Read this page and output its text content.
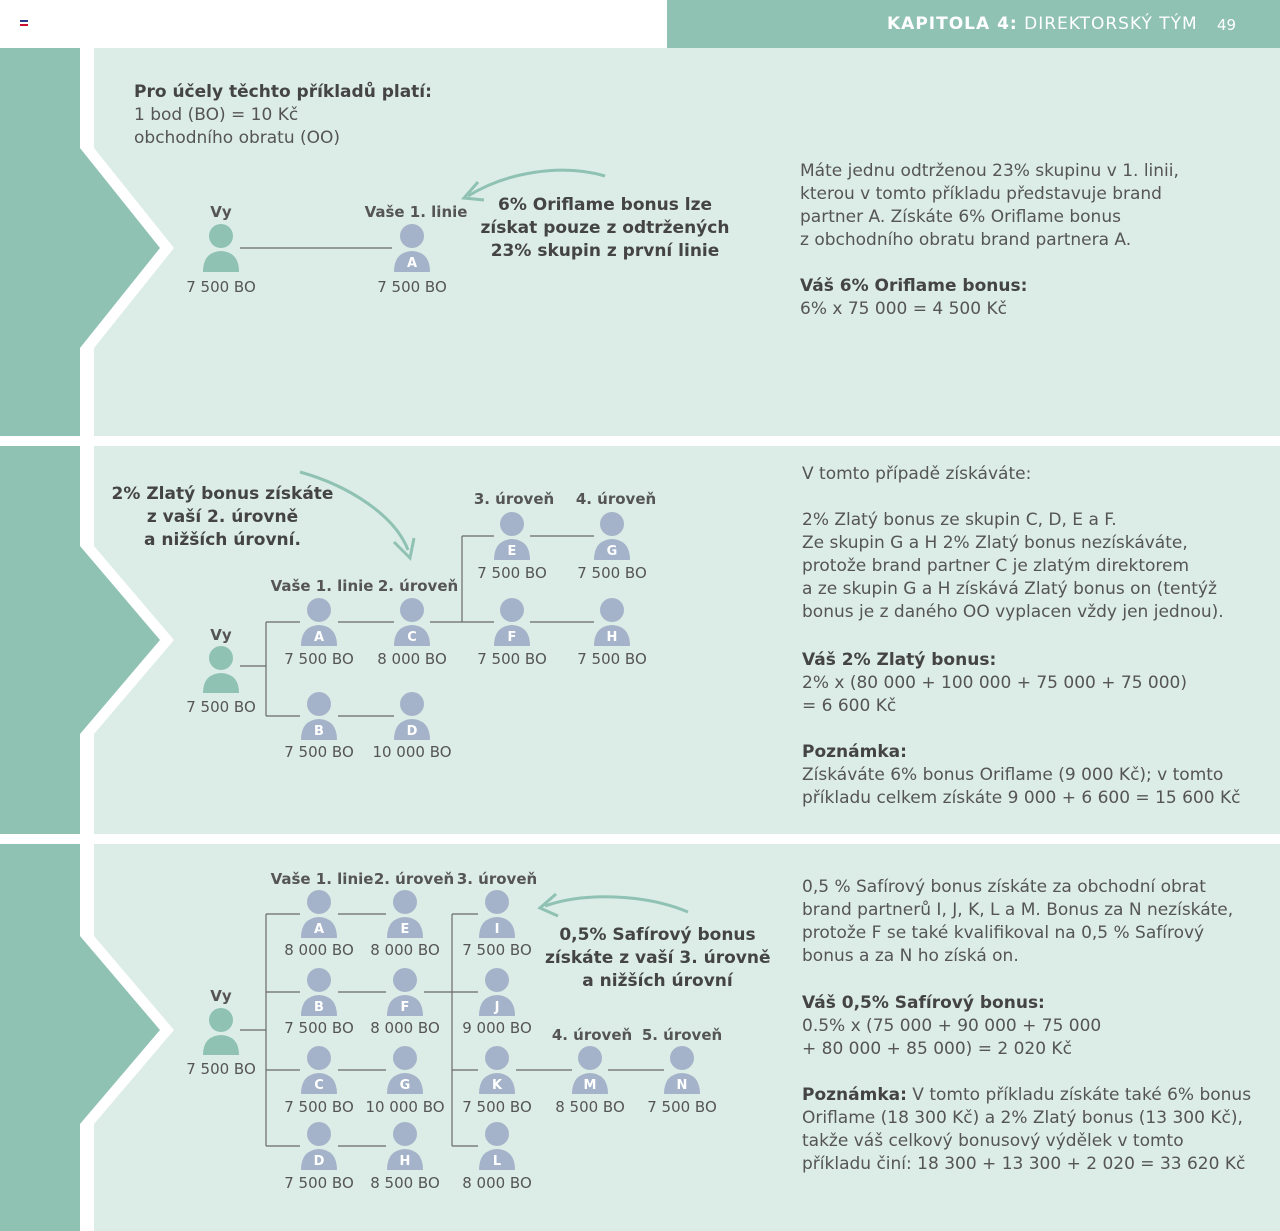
KAPITOLA 4: DIREKTORSKÝ TÝM 49
A
Pro účely těchto příkladů platí:
1 bod (BO) = 10 Kč
obchodního obratu (OO)
Vy
7 500 BO
Vaše 1. linie
7 500 BO
6% Oriflame bonus lze
získat pouze z odtržených
23% skupin z první linie
Máte jednu odtrženou 23% skupinu v 1. linii,
kterou v tomto příkladu představuje brand
partner A. Získáte 6% Oriflame bonus
z obchodního obratu brand partnera A.
Váš 6% Oriflame bonus:
6% x 75 000 = 4 500 Kč
A
B
C
D
E
F
G
H
2% Zlatý bonus získáte
z vaší 2. úrovně
a nižších úrovní.
Vy
7 500 BO
Vaše 1. linie 2. úroveň
3. úroveň 4. úroveň
7 500 BO 8 000 BO 7 500 BO 7 500 BO
7 500 BO 7 500 BO
7 500 BO 10 000 BO
V tomto případě získáváte:
2% Zlatý bonus ze skupin C, D, E a F.
Ze skupin G a H 2% Zlatý bonus nezískáváte,
protože brand partner C je zlatým direktorem
a ze skupin G a H získává Zlatý bonus on (tentýž
bonus je z daného OO vyplacen vždy jen jednou).
Váš 2% Zlatý bonus:
2% x (80 000 + 100 000 + 75 000 + 75 000)
= 6 600 Kč
Poznámka:
Získáváte 6% bonus Oriflame (9 000 Kč); v tomto
příkladu celkem získáte 9 000 + 6 600 = 15 600 Kč
A
B
C
D
E
F
G
H
I
J
K
L
M	N
Vaše 1. linie 2. úroveň 3. úroveň
4. úroveň 5. úroveň
Vy
7 500 BO
8 000 BO
7 500 BO
7 500 BO
7 500 BO
8 000 BO
8 000 BO
10 000 BO
8 500 BO
7 500 BO
9 000 BO
7 500 BO
8 000 BO
8 500 BO 7 500 BO
0,5% Safírový bonus
získáte z vaší 3. úrovně
a nižších úrovní
0,5 % Safírový bonus získáte za obchodní obrat
brand partnerů I, J, K, L a M. Bonus za N nezískáte,
protože F se také kvalifikoval na 0,5 % Safírový
bonus a za N ho získá on.
Váš 0,5% Safírový bonus:
0.5% x (75 000 + 90 000 + 75 000
+ 80 000 + 85 000) = 2 020 Kč
Poznámka: V tomto příkladu získáte také 6% bonus
Oriflame (18 300 Kč) a 2% Zlatý bonus (13 300 Kč),
takže váš celkový bonusový výdělek v tomto
příkladu činí: 18 300 + 13 300 + 2 020 = 33 620 Kč
